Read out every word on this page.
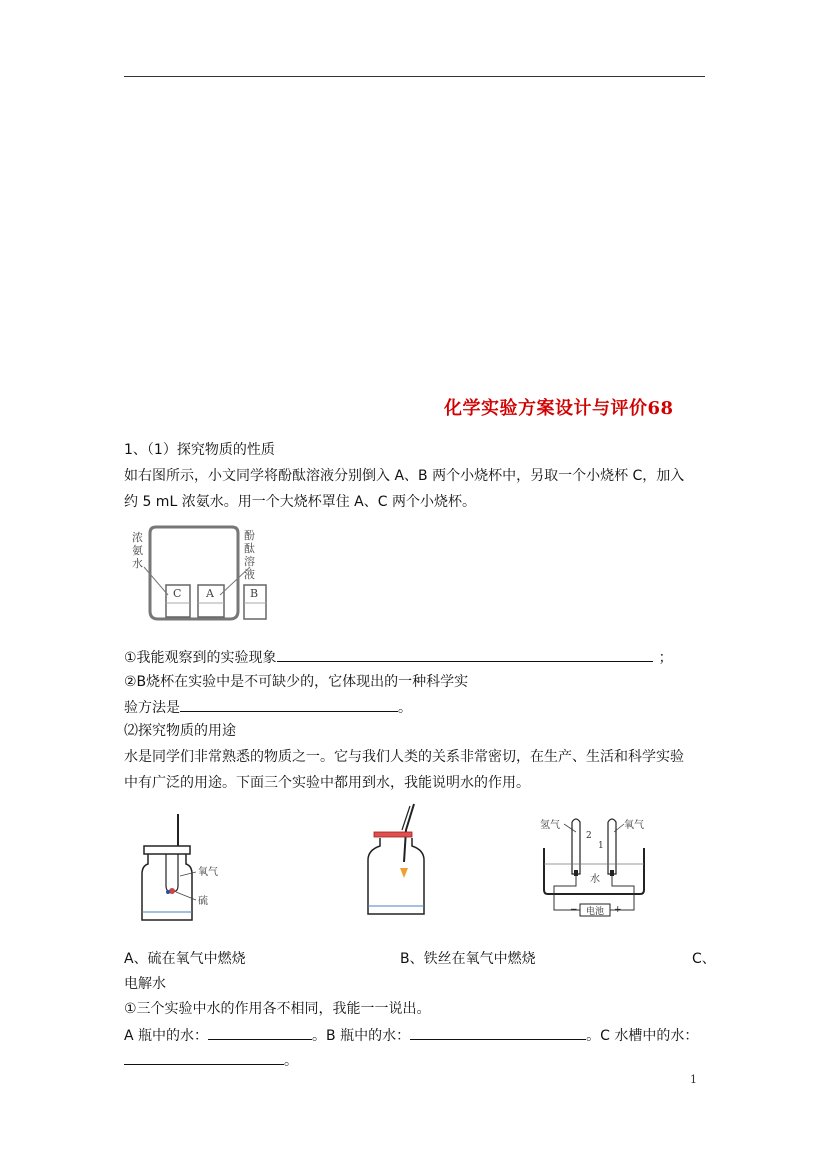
化学实验方案设计与评价68
1、（1）探究物质的性质
如右图所示，小文同学将酚酞溶液分别倒入 A、B 两个小烧杯中，另取一个小烧杯 C，加入
约 5 mL 浓氨水。用一个大烧杯罩住 A、C 两个小烧杯。
浓
氨
水
酚
酞
溶
液
C A	B
①我能观察到的实验现象	；
②B烧杯在实验中是不可缺少的，它体现出的一种科学实
验方法是	。
⑵探究物质的用途
水是同学们非常熟悉的物质之一。它与我们人类的关系非常密切，在生产、生活和科学实验
中有广泛的用途。下面三个实验中都用到水，我能说明水的作用。
氧气
硫
氢气	氧气
2
1
水
电池
−	+
A、硫在氧气中燃烧	B、铁丝在氧气中燃烧	C、
电解水
①三个实验中水的作用各不相同，我能一一说出。
A 瓶中的水：	。B 瓶中的水：	。C 水槽中的水：
。
1
